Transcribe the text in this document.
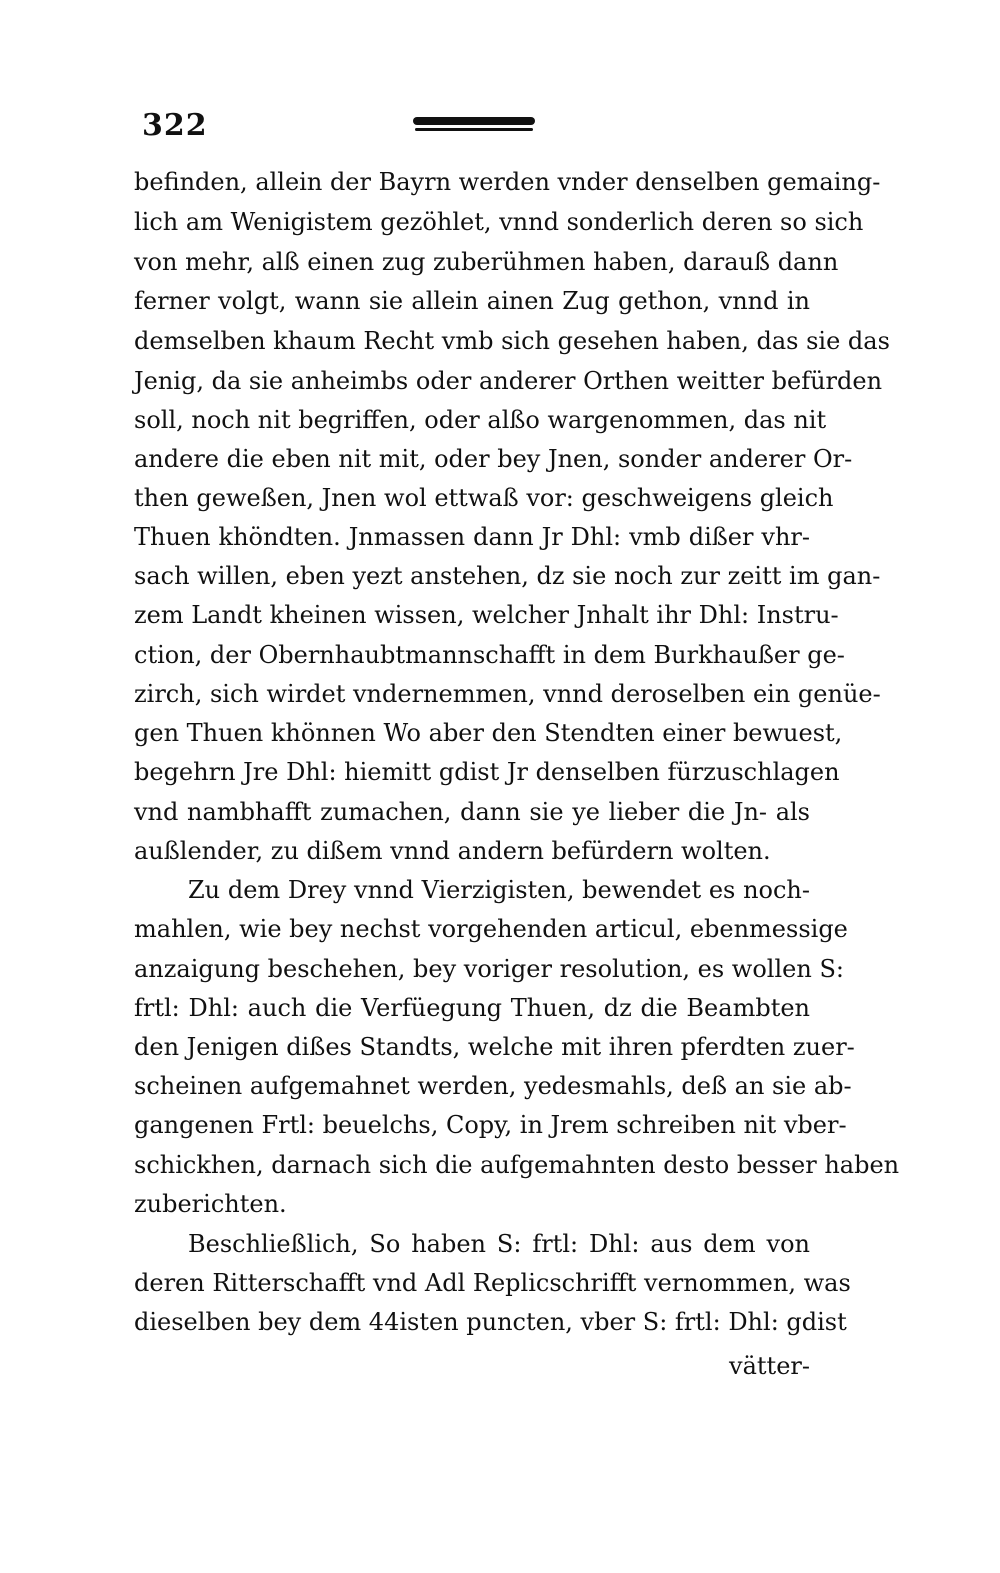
322
befinden, allein der Bayrn werden vnder denselben gemaing-
lich am Wenigistem gezöhlet, vnnd sonderlich deren so sich
von mehr, alß einen zug zuberühmen haben, darauß dann
ferner volgt, wann sie allein ainen Zug gethon, vnnd in
demselben khaum Recht vmb sich gesehen haben, das sie das
Jenig, da sie anheimbs oder anderer Orthen weitter befürden
soll, noch nit begriffen, oder alßo wargenommen, das nit
andere die eben nit mit, oder bey Jnen, sonder anderer Or-
then geweßen, Jnen wol ettwaß vor: geschweigens gleich
Thuen khöndten. Jnmassen dann Jr Dhl: vmb dißer vhr-
sach willen, eben yezt anstehen, dz sie noch zur zeitt im gan-
zem Landt kheinen wissen, welcher Jnhalt ihr Dhl: Instru-
ction, der Obernhaubtmannschafft in dem Burkhaußer ge-
zirch, sich wirdet vndernemmen, vnnd deroselben ein genüe-
gen Thuen khönnen Wo aber den Stendten einer bewuest,
begehrn Jre Dhl: hiemitt gdist Jr denselben fürzuschlagen
vnd nambhafft zumachen, dann sie ye lieber die Jn- als
außlender, zu dißem vnnd andern befürdern wolten.
Zu dem Drey vnnd Vierzigisten, bewendet es noch-
mahlen, wie bey nechst vorgehenden articul, ebenmessige
anzaigung beschehen, bey voriger resolution, es wollen S:
frtl: Dhl: auch die Verfüegung Thuen, dz die Beambten
den Jenigen dißes Standts, welche mit ihren pferdten zuer-
scheinen aufgemahnet werden, yedesmahls, deß an sie ab-
gangenen Frtl: beuelchs, Copy, in Jrem schreiben nit vber-
schickhen, darnach sich die aufgemahnten desto besser haben
zuberichten.
Beschließlich, So haben S: frtl: Dhl: aus dem von
deren Ritterschafft vnd Adl Replicschrifft vernommen, was
dieselben bey dem 44isten puncten, vber S: frtl: Dhl: gdist
vätter-
